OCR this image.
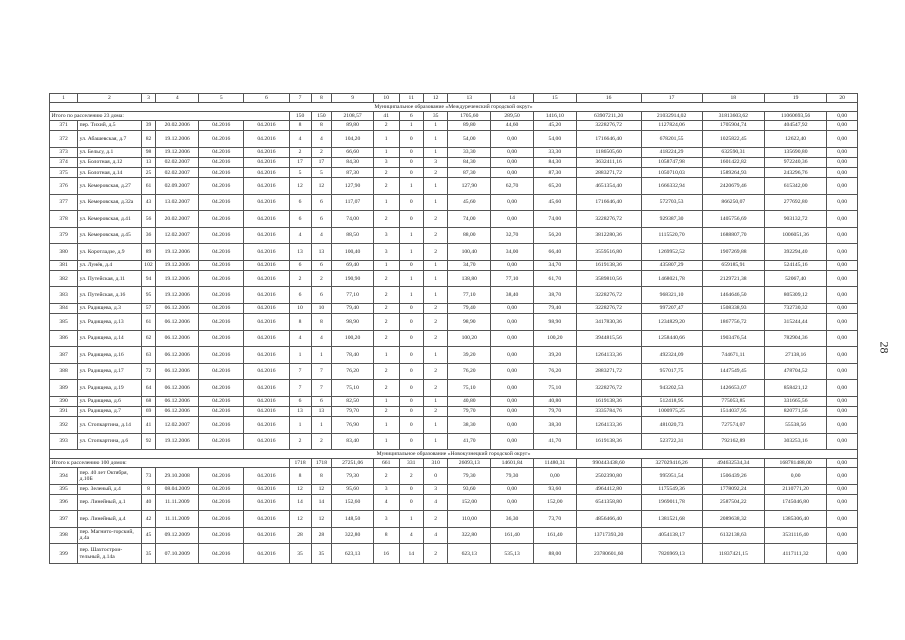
1	2	3	4	5	6	7	8	9	10	11	12	13	14	15	16	17	18	19	20
Муниципальное образование «Междуреченский городской округ»																			
Итого по расселению 23 дома:						150	150	2108,57	41	6	35	1705,60	289,50	1416,10	63907211,20	21032914,02	31813603,62	11060693,56	0,00
371	пер. Тихий, д.5	39	20.02.2006	04.2016	04.2016	8	8	89,80	2	1	1	89,80	44,60	45,20	3228276,72	1127824,06	1705904,74	404547,92	0,00
372	ул. Абашевская, д.7	82	19.12.2006	04.2016	04.2016	4	4	104,20	1	0	1	54,00	0,00	54,00	1716646,40	678201,55	1025822,45	12622,40	0,00
373	ул. Бельсу, д.1	98	19.12.2006	04.2016	04.2016	2	2	66,60	1	0	1	33,30	0,00	33,30	1186505,60	418224,29	632590,31	135690,80	0,00
374	ул. Болотная, д.12	13	02.02.2007	04.2016	04.2016	17	17	84,30	3	0	3	84,30	0,00	84,30	3632411,16	1058747,98	1601422,82	972240,36	0,00
375	ул. Болотная, д.14	25	02.02.2007	04.2016	04.2016	5	5	87,30	2	0	2	87,30	0,00	87,30	2883271,72	1050710,03	1589264,93	243296,76	0,00
376	ул. Кемеровская, д.27	61	02.09.2007	04.2016	04.2016	12	12	127,90	2	1	1	127,90	62,70	65,20	4651354,40	1666332,94	2420679,46	615342,00	0,00
377	ул. Кемеровская, д.32а	43	13.02.2007	04.2016	04.2016	6	6	117,07	1	0	1	45,60	0,00	45,60	1716646,40	572703,53	866250,07	277692,80	0,00
378	ул. Кемеровская, д.41	56	20.02.2007	04.2016	04.2016	6	6	74,00	2	0	2	74,00	0,00	74,00	3228276,72	929387,30	1405756,69	903132,72	0,00
379	ул. Кемеровская, д.45	36	12.02.2007	04.2016	04.2016	4	4	88,50	3	1	2	88,00	32,70	56,20	3812280,36	1115520,70	1688807,70	1006051,36	0,00
380	ул. Коротладзе, д.9	89	19.12.2006	04.2016	04.2016	13	13	100,40	3	1	2	100,40	34,00	66,40	3559516,80	1269952,52	1907269,88	392294,40	0,00
381	ул. Лунёв, д.4	102	19.12.2006	04.2016	04.2016	6	6	69,40	1	0	1	34,70	0,00	34,70	1619138,36	435807,29	659185,91	524145,16	0,00
382	ул. Путейская, д.11	94	19.12.2006	04.2016	04.2016	2	2	190,90	2	1	1	138,80	77,10	61,70	3589810,56	1468021,78	2129721,38	52067,40	0,00
383	ул. Путейская, д.16	95	19.12.2006	04.2016	04.2016	6	6	77,10	2	1	1	77,10	38,40	38,70	3228276,72	968321,10	1464646,50	805309,12	0,00
384	ул. Радищева, д.3	57	06.12.2006	04.2016	04.2016	10	10	79,40	2	0	2	79,40	0,00	79,40	3228276,72	997207,47	1508338,93	732730,32	0,00
385	ул. Радищева, д.13	61	06.12.2006	04.2016	04.2016	8	8	98,90	2	0	2	98,90	0,00	98,90	3417830,36	1234829,20	1867756,72	315244,44	0,00
386	ул. Радищева, д.14	62	06.12.2006	04.2016	04.2016	4	4	100,20	2	0	2	100,20	0,00	100,20	3944815,56	1258440,66	1903476,54	782904,36	0,00
387	ул. Радищева, д.16	63	06.12.2006	04.2016	04.2016	1	1	78,40	1	0	1	39,20	0,00	39,20	1264133,36	492324,09	744671,11	27138,16	0,00
388	ул. Радищева, д.17	72	06.12.2006	04.2016	04.2016	7	7	76,20	2	0	2	76,20	0,00	76,20	2883271,72	957017,75	1447549,45	478704,52	0,00
389	ул. Радищева, д.19	64	06.12.2006	04.2016	04.2016	7	7	75,10	2	0	2	75,10	0,00	75,10	3228276,72	943202,53	1426653,07	858421,12	0,00
390	ул. Радищева, д.6	68	06.12.2006	04.2016	04.2016	6	6	82,50	1	0	1	40,80	0,00	40,80	1619138,36	512418,95	775053,85	331665,56	0,00
391	ул. Радищева, д.7	69	06.12.2006	04.2016	04.2016	13	13	79,70	2	0	2	79,70	0,00	79,70	3335784,76	1000975,25	1514037,95	820771,56	0,00
392	ул. Стопкартина, д.14	41	12.02.2007	04.2016	04.2016	1	1	76,90	1	0	1	38,30	0,00	38,30	1264133,36	481020,73	727574,07	55538,56	0,00
393	ул. Стопкартина, д.6	92	19.12.2006	04.2016	04.2016	2	2	83,40	1	0	1	41,70	0,00	41,70	1619138,36	523722,31	792162,89	303253,16	0,00
Муниципальное образование «Новокузнецкий городской округ»																			
Итого к расселению 100 домов:						1718	1718	27251,06	661	331	310	26093,13	14601,84	11480,31	990443438,60	327029416,26	494632534,34	168781488,00	0,00
394	пер. 40 лет Октября, д.10Б	73	29.10.2008	04.2016	04.2016	8	8	79,30	2	2	0	79,30	79,30	0,00	2502390,80	995951,54	1506439,26	0,00	0,00
395	пер. Зеленый, д.4	8	08.04.2009	04.2016	04.2016	12	12	95,60	3	0	3	93,60	0,00	93,60	4964412,80	1175549,36	1778092,24	2110771,20	0,00
396	пер. Линейный, д.1	40	11.11.2009	04.2016	04.2016	14	14	152,60	4	0	4	152,00	0,00	152,00	6541358,80	1969011,78	2587504,22	1745046,80	0,00
397	пер. Линейный, д.4	42	11.11.2009	04.2016	04.2016	12	12	148,50	3	1	2	110,00	36,30	73,70	4856466,40	1381521,68	2089638,32	1385306,40	0,00
398	пер. Магнито-горский, д.4а	45	09.12.2009	04.2016	04.2016	28	28	322,80	8	4	4	322,80	161,40	161,40	13717393,20	4054138,17	6132138,63	3531116,40	0,00
399	пер. Шахтострои-тельный, д.14а	35	07.10.2009	04.2016	04.2016	35	35	623,13	16	14	2	623,13	535,13	88,00	23780601,60	7826969,13	11837421,15	4117111,32	0,00
28
